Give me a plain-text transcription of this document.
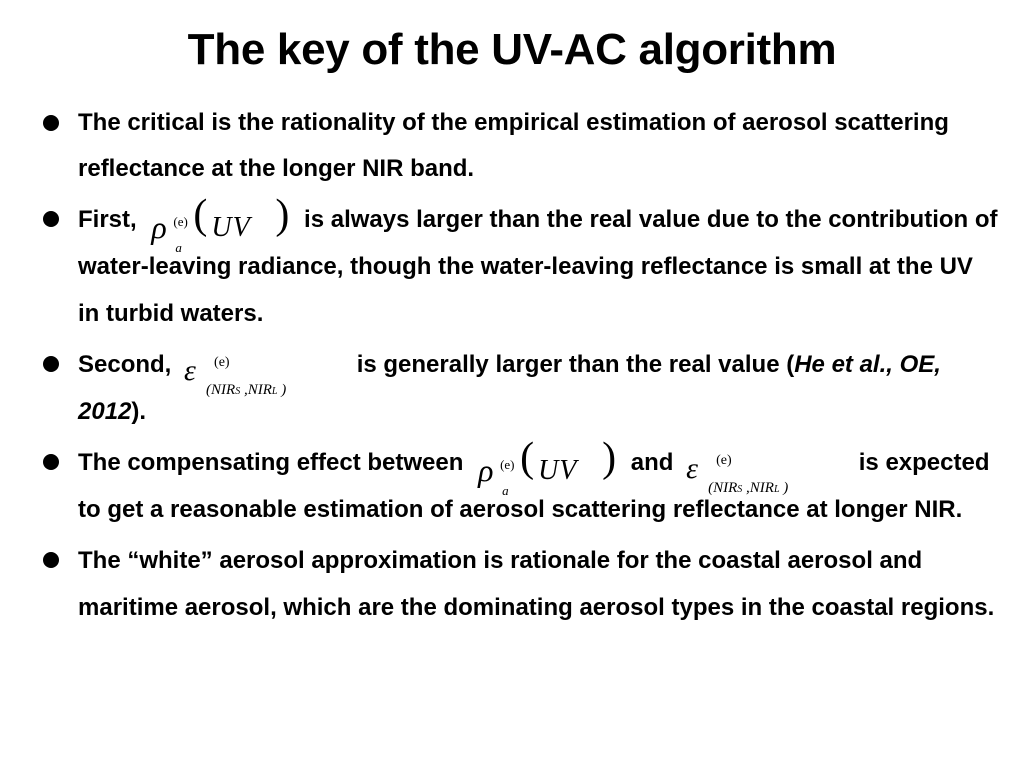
The key of the UV-AC algorithm
The critical is the rationality of the empirical estimation of aerosol scattering reflectance at the longer NIR band.
First, ρ (e)
a
( UV ) is always larger than the real value due to the contribution of water-leaving radiance, though the water-leaving reflectance is small at the UV in turbid waters.
Second, ε (e)
(NIRS ,NIRL )
is generally larger than the real value (He et al., OE, 2012).
The compensating effect between ρ (e)
a
( UV ) and ε (e)
(NIRS ,NIRL )
is expected to get a reasonable estimation of aerosol scattering reflectance at longer NIR.
The “white” aerosol approximation is rationale for the coastal aerosol and maritime aerosol, which are the dominating aerosol types in the coastal regions.
